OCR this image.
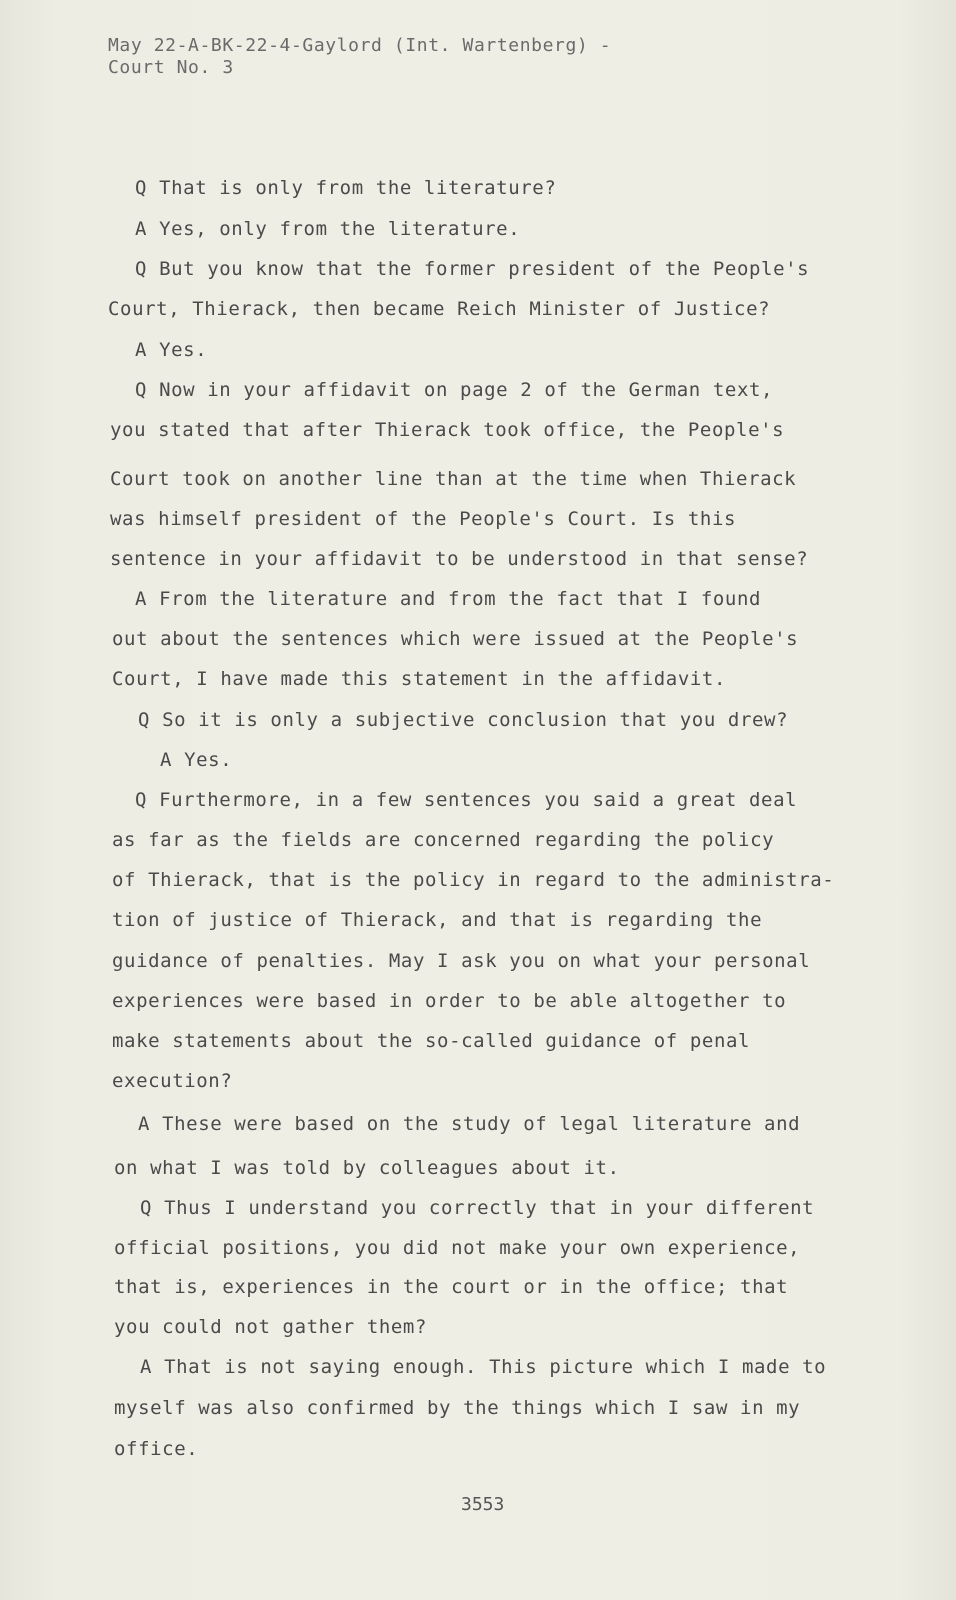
May 22-A-BK-22-4-Gaylord (Int. Wartenberg) -
Court No. 3
Q That is only from the literature?
A Yes, only from the literature.
Q But you know that the former president of the People's
Court, Thierack, then became Reich Minister of Justice?
A Yes.
Q Now in your affidavit on page 2 of the German text,
you stated that after Thierack took office, the People's
Court took on another line than at the time when Thierack
was himself president of the People's Court. Is this
sentence in your affidavit to be understood in that sense?
A From the literature and from the fact that I found
out about the sentences which were issued at the People's
Court, I have made this statement in the affidavit.
Q So it is only a subjective conclusion that you drew?
A Yes.
Q Furthermore, in a few sentences you said a great deal
as far as the fields are concerned regarding the policy
of Thierack, that is the policy in regard to the administra-
tion of justice of Thierack, and that is regarding the
guidance of penalties. May I ask you on what your personal
experiences were based in order to be able altogether to
make statements about the so-called guidance of penal
execution?
A These were based on the study of legal literature and
on what I was told by colleagues about it.
Q Thus I understand you correctly that in your different
official positions, you did not make your own experience,
that is, experiences in the court or in the office; that
you could not gather them?
A That is not saying enough. This picture which I made to
myself was also confirmed by the things which I saw in my
office.
3553
